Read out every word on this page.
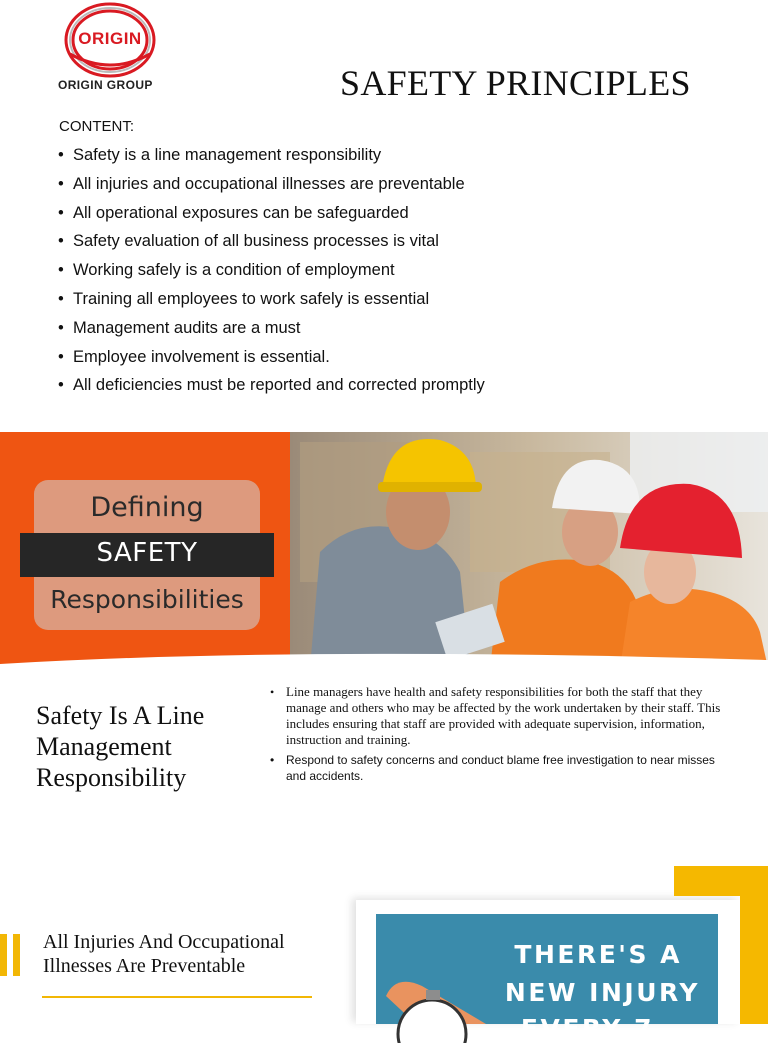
ORIGIN
ORIGIN GROUP	SAFETY PRINCIPLES
CONTENT:
• Safety is a line management responsibility
• All injuries and occupational illnesses are preventable
• All operational exposures can be safeguarded
• Safety evaluation of all business processes is vital
• Working safely is a condition of employment
• Training all employees to work safely is essential
• Management audits are a must
• Employee involvement is essential.
• All deficiencies must be reported and corrected promptly
Defining
SAFETY
Responsibilities
Safety Is A Line Management Responsibility
• Line managers have health and safety responsibilities for both the staff that they manage and others who may be affected by the work undertaken by their staff. This includes ensuring that staff are provided with adequate supervision, information, instruction and training.
• Respond to safety concerns and conduct blame free investigation to near misses and accidents.
All Injuries And Occupational Illnesses Are Preventable	THERE'S A
NEW INJURY
EVERY 7
